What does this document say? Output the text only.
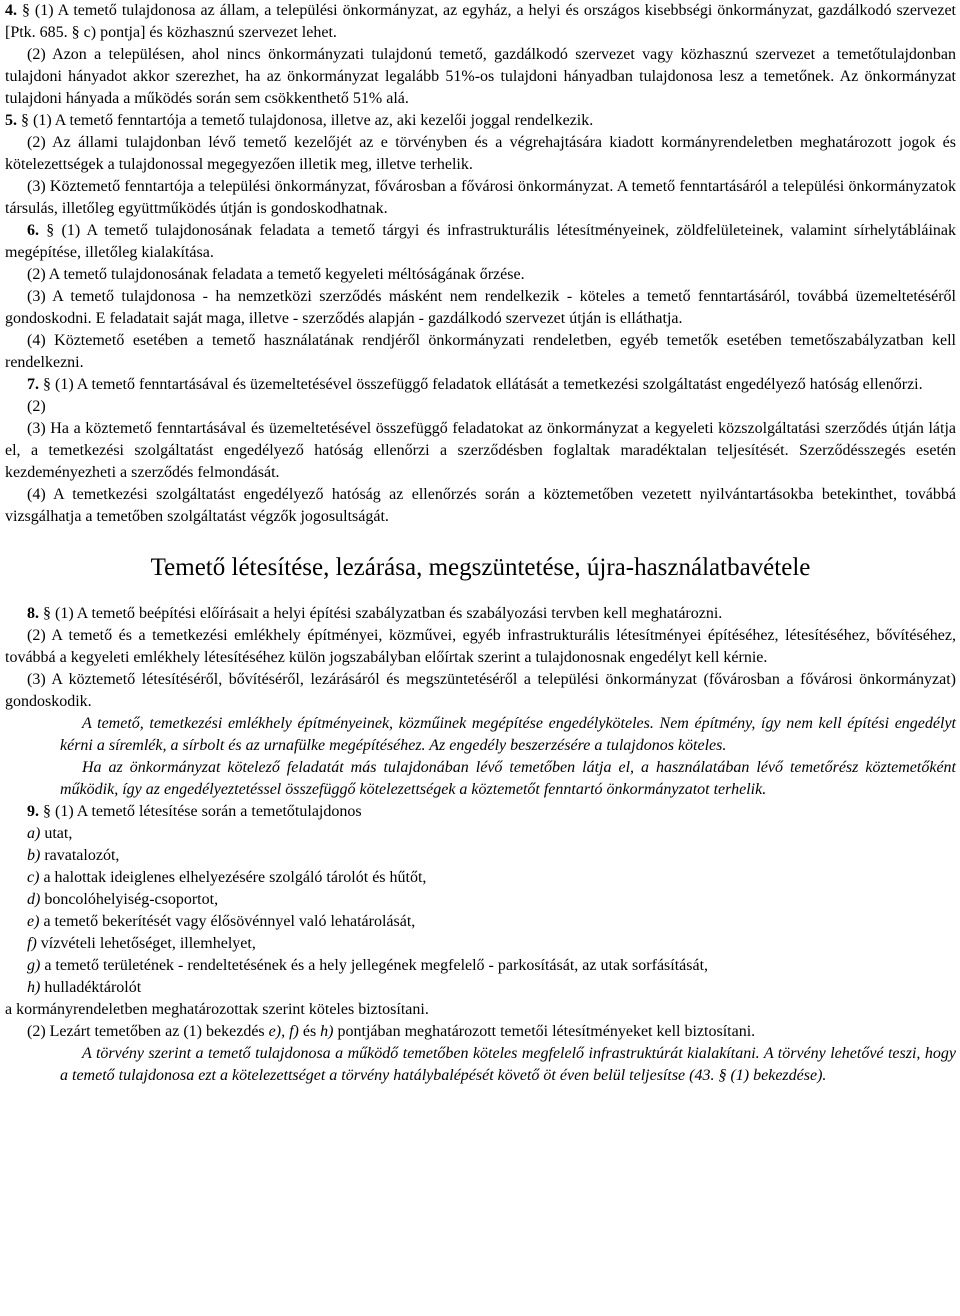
4. § (1) A temető tulajdonosa az állam, a települési önkormányzat, az egyház, a helyi és országos kisebbségi önkormányzat, gazdálkodó szervezet [Ptk. 685. § c) pontja] és közhasznú szervezet lehet.

(2) Azon a településen, ahol nincs önkormányzati tulajdonú temető, gazdálkodó szervezet vagy közhasznú szervezet a temetőtulajdonban tulajdoni hányadot akkor szerezhet, ha az önkormányzat legalább 51%-os tulajdoni hányadban tulajdonosa lesz a temetőnek. Az önkormányzat tulajdoni hányada a működés során sem csökkenthető 51% alá.

5. § (1) A temető fenntartója a temető tulajdonosa, illetve az, aki kezelői joggal rendelkezik.

(2) Az állami tulajdonban lévő temető kezelőjét az e törvényben és a végrehajtására kiadott kormányrendeletben meghatározott jogok és kötelezettségek a tulajdonossal megegyezően illetik meg, illetve terhelik.

(3) Köztemető fenntartója a települési önkormányzat, fővárosban a fővárosi önkormányzat. A temető fenntartásáról a települési önkormányzatok társulás, illetőleg együttműködés útján is gondoskodhatnak.

6. § (1) A temető tulajdonosának feladata a temető tárgyi és infrastrukturális létesítményeinek, zöldfelületeinek, valamint sírhelytábláinak megépítése, illetőleg kialakítása.

(2) A temető tulajdonosának feladata a temető kegyeleti méltóságának őrzése.

(3) A temető tulajdonosa - ha nemzetközi szerződés másként nem rendelkezik - köteles a temető fenntartásáról, továbbá üzemeltetéséről gondoskodni. E feladatait saját maga, illetve - szerződés alapján - gazdálkodó szervezet útján is elláthatja.

(4) Köztemető esetében a temető használatának rendjéről önkormányzati rendeletben, egyéb temetők esetében temetőszabályzatban kell rendelkezni.

7. § (1) A temető fenntartásával és üzemeltetésével összefüggő feladatok ellátását a temetkezési szolgáltatást engedélyező hatóság ellenőrzi.

(2)

(3) Ha a köztemető fenntartásával és üzemeltetésével összefüggő feladatokat az önkormányzat a kegyeleti közszolgáltatási szerződés útján látja el, a temetkezési szolgáltatást engedélyező hatóság ellenőrzi a szerződésben foglaltak maradéktalan teljesítését. Szerződésszegés esetén kezdeményezheti a szerződés felmondását.

(4) A temetkezési szolgáltatást engedélyező hatóság az ellenőrzés során a köztemetőben vezetett nyilvántartásokba betekinthet, továbbá vizsgálhatja a temetőben szolgáltatást végzők jogosultságát.

Temető létesítése, lezárása, megszüntetése, újra-használatbavétele

8. § (1) A temető beépítési előírásait a helyi építési szabályzatban és szabályozási tervben kell meghatározni.

(2) A temető és a temetkezési emlékhely építményei, közművei, egyéb infrastrukturális létesítményei építéséhez, létesítéséhez, bővítéséhez, továbbá a kegyeleti emlékhely létesítéséhez külön jogszabályban előírtak szerint a tulajdonosnak engedélyt kell kérnie.

(3) A köztemető létesítéséről, bővítéséről, lezárásáról és megszüntetéséről a települési önkormányzat (fővárosban a fővárosi önkormányzat) gondoskodik.

A temető, temetkezési emlékhely építményeinek, közműinek megépítése engedélyköteles. Nem építmény, így nem kell építési engedélyt kérni a síremlék, a sírbolt és az urnafülke megépítéséhez. Az engedély beszerzésére a tulajdonos köteles.

Ha az önkormányzat kötelező feladatát más tulajdonában lévő temetőben látja el, a használatában lévő temetőrész köztemetőként működik, így az engedélyeztetéssel összefüggő kötelezettségek a köztemetőt fenntartó önkormányzatot terhelik.

9. § (1) A temető létesítése során a temetőtulajdonos

a) utat,

b) ravatalozót,

c) a halottak ideiglenes elhelyezésére szolgáló tárolót és hűtőt,

d) boncolóhelyiség-csoportot,

e) a temető bekerítését vagy élősövénnyel való lehatárolását,

f) vízvételi lehetőséget, illemhelyet,

g) a temető területének - rendeltetésének és a hely jellegének megfelelő - parkosítását, az utak sorfásítását,

h) hulladéktárolót

a kormányrendeletben meghatározottak szerint köteles biztosítani.

(2) Lezárt temetőben az (1) bekezdés e), f) és h) pontjában meghatározott temetői létesítményeket kell biztosítani.

A törvény szerint a temető tulajdonosa a működő temetőben köteles megfelelő infrastruktúrát kialakítani. A törvény lehetővé teszi, hogy a temető tulajdonosa ezt a kötelezettséget a törvény hatálybalépését követő öt éven belül teljesítse (43. § (1) bekezdése).
